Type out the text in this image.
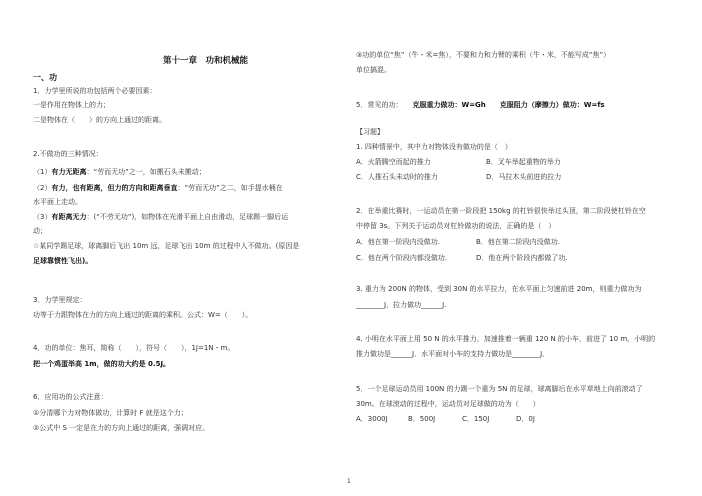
第十一章　功和机械能
一、功
1．力学里所说的功包括两个必要因素：
一是作用在物体上的力；
二是物体在（　　）的方向上通过的距离。
2.不做功的三种情况：
（1）有力无距离：“劳而无功”之一，如搬石头未搬动；
（2）有力，也有距离，但力的方向和距离垂直：“劳而无功”之二，如手提水桶在
水平面上走动。
（3）有距离无力：(“不劳无功”)，如物体在光滑平面上自由滑动，足球踢一脚后运
动；
☆某同学踢足球，球离脚后飞出 10m 远，足球飞出 10m 的过程中人不做功。(原因是
足球靠惯性飞出)。
3．力学里规定：
功等于力跟物体在力的方向上通过的距离的乘积。公式：W=（　　）。
4．功的单位：焦耳，简称（　　），符号（　　），1J=1N・m。
把一个鸡蛋举高 1m，做的功大约是 0.5J。
6．应用功的公式注意：
①分清哪个力对物体做功，计算时 F 就是这个力；
②公式中 S 一定是在力的方向上通过的距离，强调对应。
③功的单位“焦”（牛・米=焦），不要和力和力臂的乘积（牛・米，不能写成“焦”）
单位搞混。
5．常见的功： 克服重力做功：W=Gh 克服阻力（摩擦力）做功：W=fs
【习题】
1. 四种情景中，其中力对物体没有做功的是（　）
A．火箭腾空而起的推力	B．叉车举起重物的举力
C．人推石头未动时的推力	D．马拉木头前进的拉力
2．在举重比赛时，一运动员在第一阶段把 150kg 的杠铃很快举过头顶，第二阶段使杠铃在空
中停留 3s。下列关于运动员对杠铃做功的说法，正确的是（　）
A．他在第一阶段内没做功.	B．他在第二阶段内没做功.
C．他在两个阶段内都没做功.	D．他在两个阶段内都做了功.
3. 重力为 200N 的物体，受到 30N 的水平拉力，在水平面上匀速前进 20m，则重力做功为
________J，拉力做功______J.
4. 小明在水平面上用 50 N 的水平推力，加速推着一辆重 120 N 的小车，前进了 10 m，小明的
推力做功是______J．水平面对小车的支持力做功是________J．
5．一个足球运动员用 100N 的力踢一个重为 5N 的足球，球离脚后在水平草地上向前滚动了
30m。在球滚动的过程中，运动员对足球做的功为（　　）
A．3000J	B．500J	C．150J	D．0J
1
